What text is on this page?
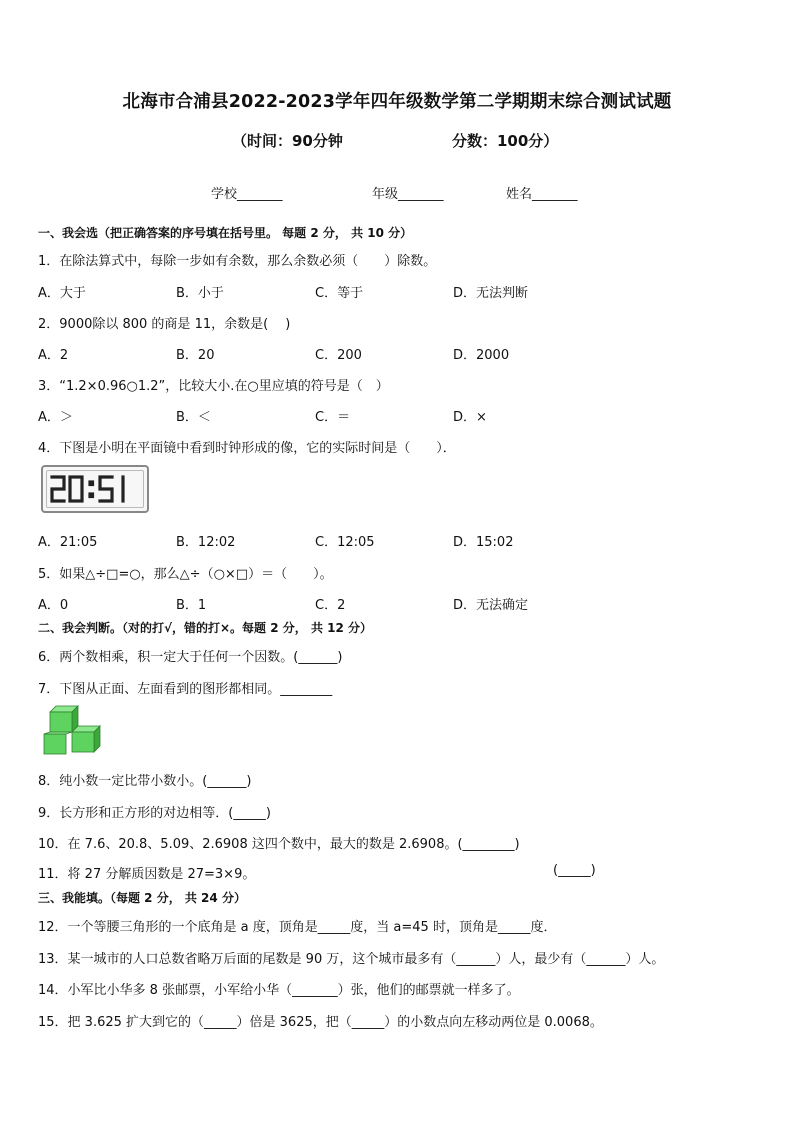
北海市合浦县2022-2023学年四年级数学第二学期期末综合测试试题
（时间：90分钟	分数：100分）
学校_______	年级_______	姓名_______
一、我会选（把正确答案的序号填在括号里。 每题 2 分， 共 10 分）
1．在除法算式中，每除一步如有余数，那么余数必须（　　）除数。
A．大于	B．小于	C．等于	D．无法判断
2．9000除以 800 的商是 11，余数是(　 )
A．2	B．20	C．200	D．2000
3．“1.2×0.96○1.2”，比较大小.在○里应填的符号是（　）
A．＞	B．＜	C．＝	D．×
4．下图是小明在平面镜中看到时钟形成的像，它的实际时间是（　　）．
A．21:05	B．12:02	C．12:05	D．15:02
5．如果△÷□=○，那么△÷（○×□）＝（　　）。
A．0	B．1	C．2	D．无法确定
二、我会判断。（对的打√，错的打×。每题 2 分， 共 12 分）
6．两个数相乘，积一定大于任何一个因数。(______)
7．下图从正面、左面看到的图形都相同。________
8．纯小数一定比带小数小。(______)
9．长方形和正方形的对边相等．(_____)
10．在 7.6、20.8、5.09、2.6908 这四个数中，最大的数是 2.6908。(________)
11．将 27 分解质因数是 27=3×9。	(_____)
三、我能填。（每题 2 分， 共 24 分）
12．一个等腰三角形的一个底角是 a 度，顶角是_____度，当 a=45 时，顶角是_____度．
13．某一城市的人口总数省略万后面的尾数是 90 万，这个城市最多有（______）人，最少有（______）人。
14．小军比小华多 8 张邮票，小军给小华（_______）张，他们的邮票就一样多了。
15．把 3.625 扩大到它的（_____）倍是 3625，把（_____）的小数点向左移动两位是 0.0068。
